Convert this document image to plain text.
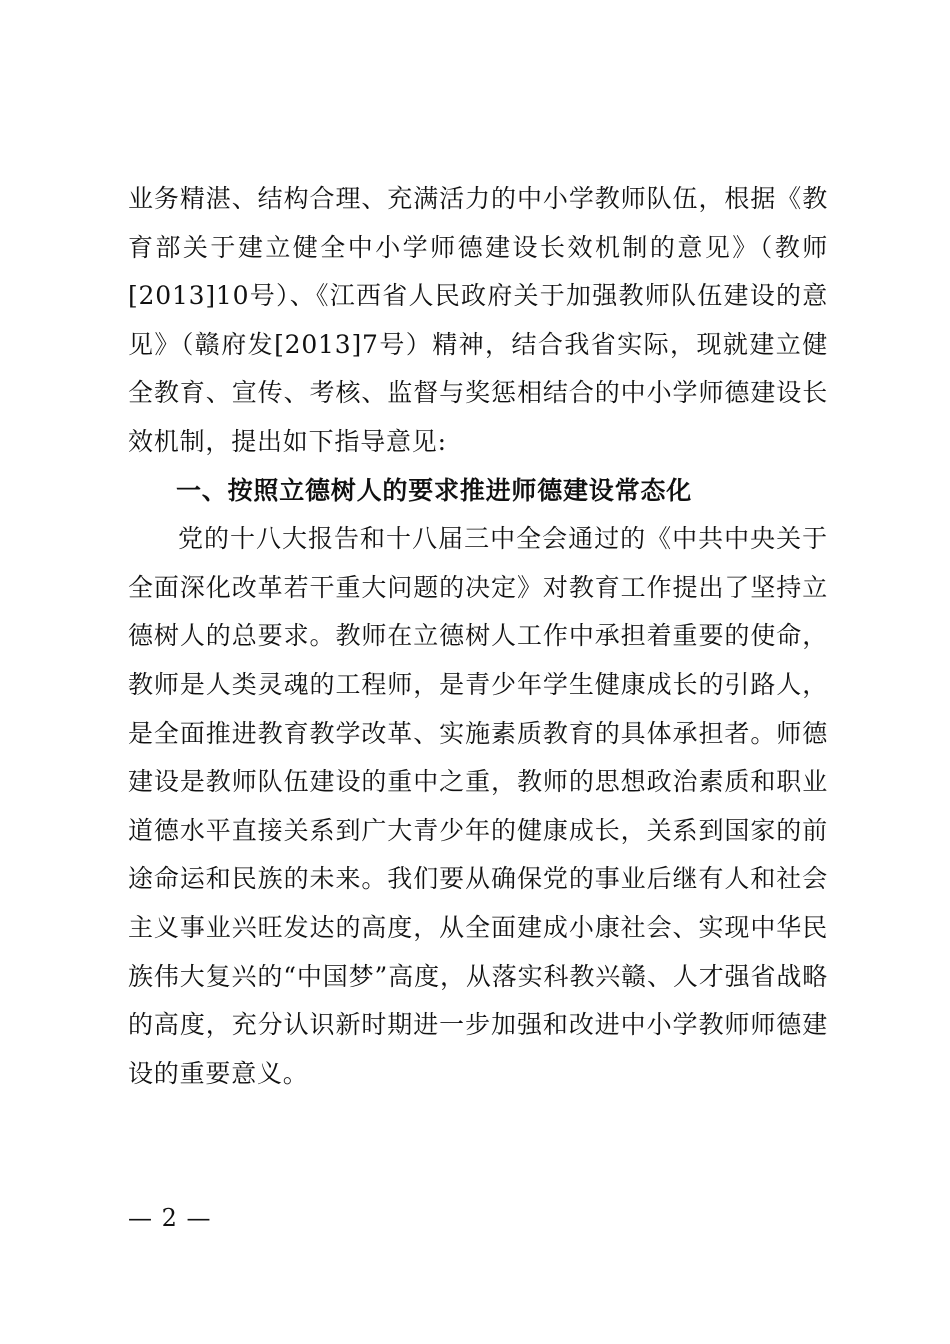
业务精湛、结构合理、充满活力的中小学教师队伍，根据《教育部关于建立健全中小学师德建设长效机制的意见》（教师[2013]10号）、《江西省人民政府关于加强教师队伍建设的意见》（赣府发[2013]7号）精神，结合我省实际，现就建立健全教育、宣传、考核、监督与奖惩相结合的中小学师德建设长效机制，提出如下指导意见:

一、按照立德树人的要求推进师德建设常态化

党的十八大报告和十八届三中全会通过的《中共中央关于全面深化改革若干重大问题的决定》对教育工作提出了坚持立德树人的总要求。教师在立德树人工作中承担着重要的使命，教师是人类灵魂的工程师，是青少年学生健康成长的引路人，是全面推进教育教学改革、实施素质教育的具体承担者。师德建设是教师队伍建设的重中之重，教师的思想政治素质和职业道德水平直接关系到广大青少年的健康成长，关系到国家的前途命运和民族的未来。我们要从确保党的事业后继有人和社会主义事业兴旺发达的高度，从全面建成小康社会、实现中华民族伟大复兴的“中国梦”高度，从落实科教兴赣、人才强省战略的高度，充分认识新时期进一步加强和改进中小学教师师德建设的重要意义。

— 2 —
